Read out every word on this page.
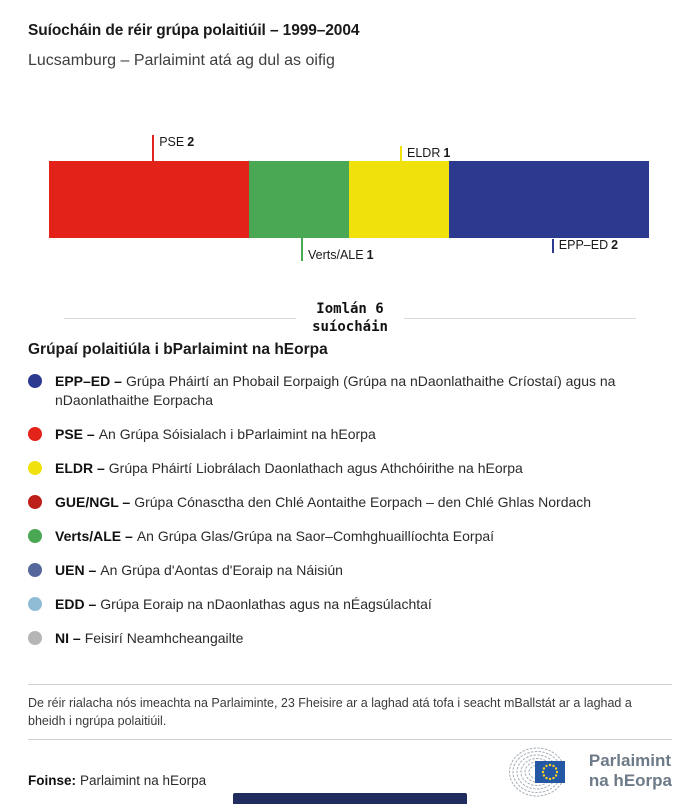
Suíocháin de réir grúpa polaitiúil – 1999–2004
Lucsamburg – Parlaimint atá ag dul as oifig
PSE 2
ELDR 1
Verts/ALE 1
EPP–ED 2
Iomlán 6
suíocháin
Grúpaí polaitiúla i bParlaimint na hEorpa
EPP–ED – Grúpa Pháirtí an Phobail Eorpaigh (Grúpa na nDaonlathaithe Críostaí) agus na nDaonlathaithe Eorpacha
PSE – An Grúpa Sóisialach i bParlaimint na hEorpa
ELDR – Grúpa Pháirtí Liobrálach Daonlathach agus Athchóirithe na hEorpa
GUE/NGL – Grúpa Cónasctha den Chlé Aontaithe Eorpach – den Chlé Ghlas Nordach
Verts/ALE – An Grúpa Glas/Grúpa na Saor–Comhghuaillíochta Eorpaí
UEN – An Grúpa d'Aontas d'Eoraip na Náisiún
EDD – Grúpa Eoraip na nDaonlathas agus na nÉagsúlachtaí
NI – Feisirí Neamhcheangailte
De réir rialacha nós imeachta na Parlaiminte, 23 Fheisire ar a laghad atá tofa i seacht mBallstát ar a laghad a bheidh i ngrúpa polaitiúil.
Foinse: Parlaimint na hEorpa
Parlaimint
na hEorpa
